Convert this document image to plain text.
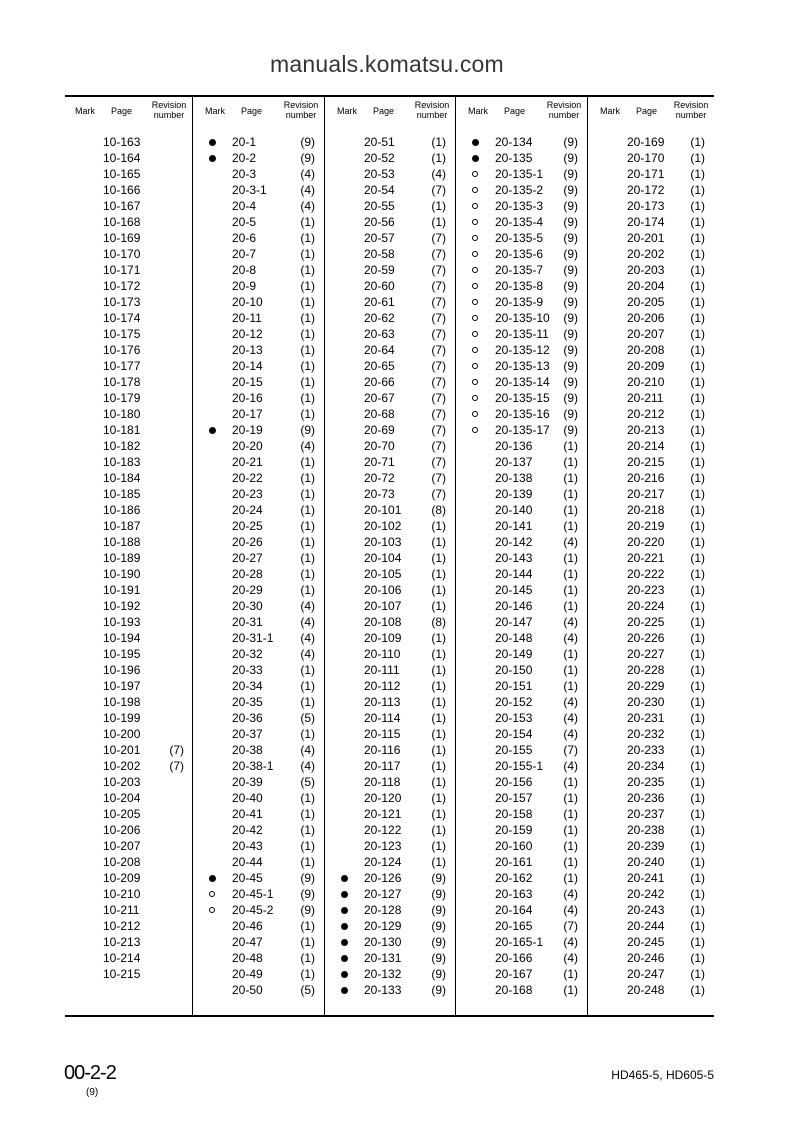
Mark Page
Revision
number
10-163
10-164
10-165
10-166
10-167
10-168
10-169
10-170
10-171
10-172
10-173
10-174
10-175
10-176
10-177
10-178
10-179
10-180
10-181
10-182
10-183
10-184
10-185
10-186
10-187
10-188
10-189
10-190
10-191
10-192
10-193
10-194
10-195
10-196
10-197
10-198
10-199
10-200
10-201 (7)
10-202 (7)
10-203
10-204
10-205
10-206
10-207
10-208
10-209
10-210
10-211
10-212
10-213
10-214
10-215
Mark Page
Revision
number
20-1	(9)
20-2	(9)
20-3	(4)
20-3-1	(4)
20-4	(4)
20-5	(1)
20-6	(1)
20-7	(1)
20-8	(1)
20-9	(1)
20-10	(1)
20-11	(1)
20-12	(1)
20-13	(1)
20-14	(1)
20-15	(1)
20-16	(1)
20-17	(1)
20-19	(9)
20-20	(4)
20-21	(1)
20-22	(1)
20-23	(1)
20-24	(1)
20-25	(1)
20-26	(1)
20-27	(1)
20-28	(1)
20-29	(1)
20-30	(4)
20-31	(4)
20-31-1 (4)
20-32	(4)
20-33	(1)
20-34	(1)
20-35	(1)
20-36	(5)
20-37	(1)
20-38	(4)
20-38-1 (4)
20-39	(5)
20-40	(1)
20-41	(1)
20-42	(1)
20-43	(1)
20-44	(1)
20-45	(9)
20-45-1 (9)
20-45-2 (9)
20-46	(1)
20-47	(1)
20-48	(1)
20-49	(1)
20-50	(5)
Mark Page
Revision
number
20-51	(1)
20-52	(1)
20-53	(4)
20-54	(7)
20-55	(1)
20-56	(1)
20-57	(7)
20-58	(7)
20-59	(7)
20-60	(7)
20-61	(7)
20-62	(7)
20-63	(7)
20-64	(7)
20-65	(7)
20-66	(7)
20-67	(7)
20-68	(7)
20-69	(7)
20-70	(7)
20-71	(7)
20-72	(7)
20-73	(7)
20-101 (8)
20-102 (1)
20-103 (1)
20-104 (1)
20-105 (1)
20-106 (1)
20-107 (1)
20-108 (8)
20-109 (1)
20-110	(1)
20-111	(1)
20-112	(1)
20-113	(1)
20-114	(1)
20-115	(1)
20-116	(1)
20-117	(1)
20-118	(1)
20-120 (1)
20-121 (1)
20-122 (1)
20-123 (1)
20-124 (1)
20-126 (9)
20-127 (9)
20-128 (9)
20-129 (9)
20-130 (9)
20-131 (9)
20-132 (9)
20-133 (9)
Mark Page
Revision
number
20-134	(9)
20-135	(9)
20-135-1 (9)
20-135-2 (9)
20-135-3 (9)
20-135-4 (9)
20-135-5 (9)
20-135-6 (9)
20-135-7 (9)
20-135-8 (9)
20-135-9 (9)
20-135-10 (9)
20-135-11 (9)
20-135-12 (9)
20-135-13 (9)
20-135-14 (9)
20-135-15 (9)
20-135-16 (9)
20-135-17 (9)
20-136	(1)
20-137	(1)
20-138	(1)
20-139	(1)
20-140	(1)
20-141	(1)
20-142	(4)
20-143	(1)
20-144	(1)
20-145	(1)
20-146	(1)
20-147	(4)
20-148	(4)
20-149	(1)
20-150	(1)
20-151	(1)
20-152	(4)
20-153	(4)
20-154	(4)
20-155	(7)
20-155-1 (4)
20-156	(1)
20-157	(1)
20-158	(1)
20-159	(1)
20-160	(1)
20-161	(1)
20-162	(1)
20-163	(4)
20-164	(4)
20-165	(7)
20-165-1 (4)
20-166	(4)
20-167	(1)
20-168	(1)
Mark Page
Revision
number
20-169 (1)
20-170 (1)
20-171 (1)
20-172 (1)
20-173 (1)
20-174 (1)
20-201 (1)
20-202 (1)
20-203 (1)
20-204 (1)
20-205 (1)
20-206 (1)
20-207 (1)
20-208 (1)
20-209 (1)
20-210 (1)
20-211 (1)
20-212 (1)
20-213 (1)
20-214 (1)
20-215 (1)
20-216 (1)
20-217 (1)
20-218 (1)
20-219 (1)
20-220 (1)
20-221 (1)
20-222 (1)
20-223 (1)
20-224 (1)
20-225 (1)
20-226 (1)
20-227 (1)
20-228 (1)
20-229 (1)
20-230 (1)
20-231 (1)
20-232 (1)
20-233 (1)
20-234 (1)
20-235 (1)
20-236 (1)
20-237 (1)
20-238 (1)
20-239 (1)
20-240 (1)
20-241 (1)
20-242 (1)
20-243 (1)
20-244 (1)
20-245 (1)
20-246 (1)
20-247 (1)
20-248 (1)
manuals.komatsu.com
00-2-2
(9)
HD465-5, HD605-5
